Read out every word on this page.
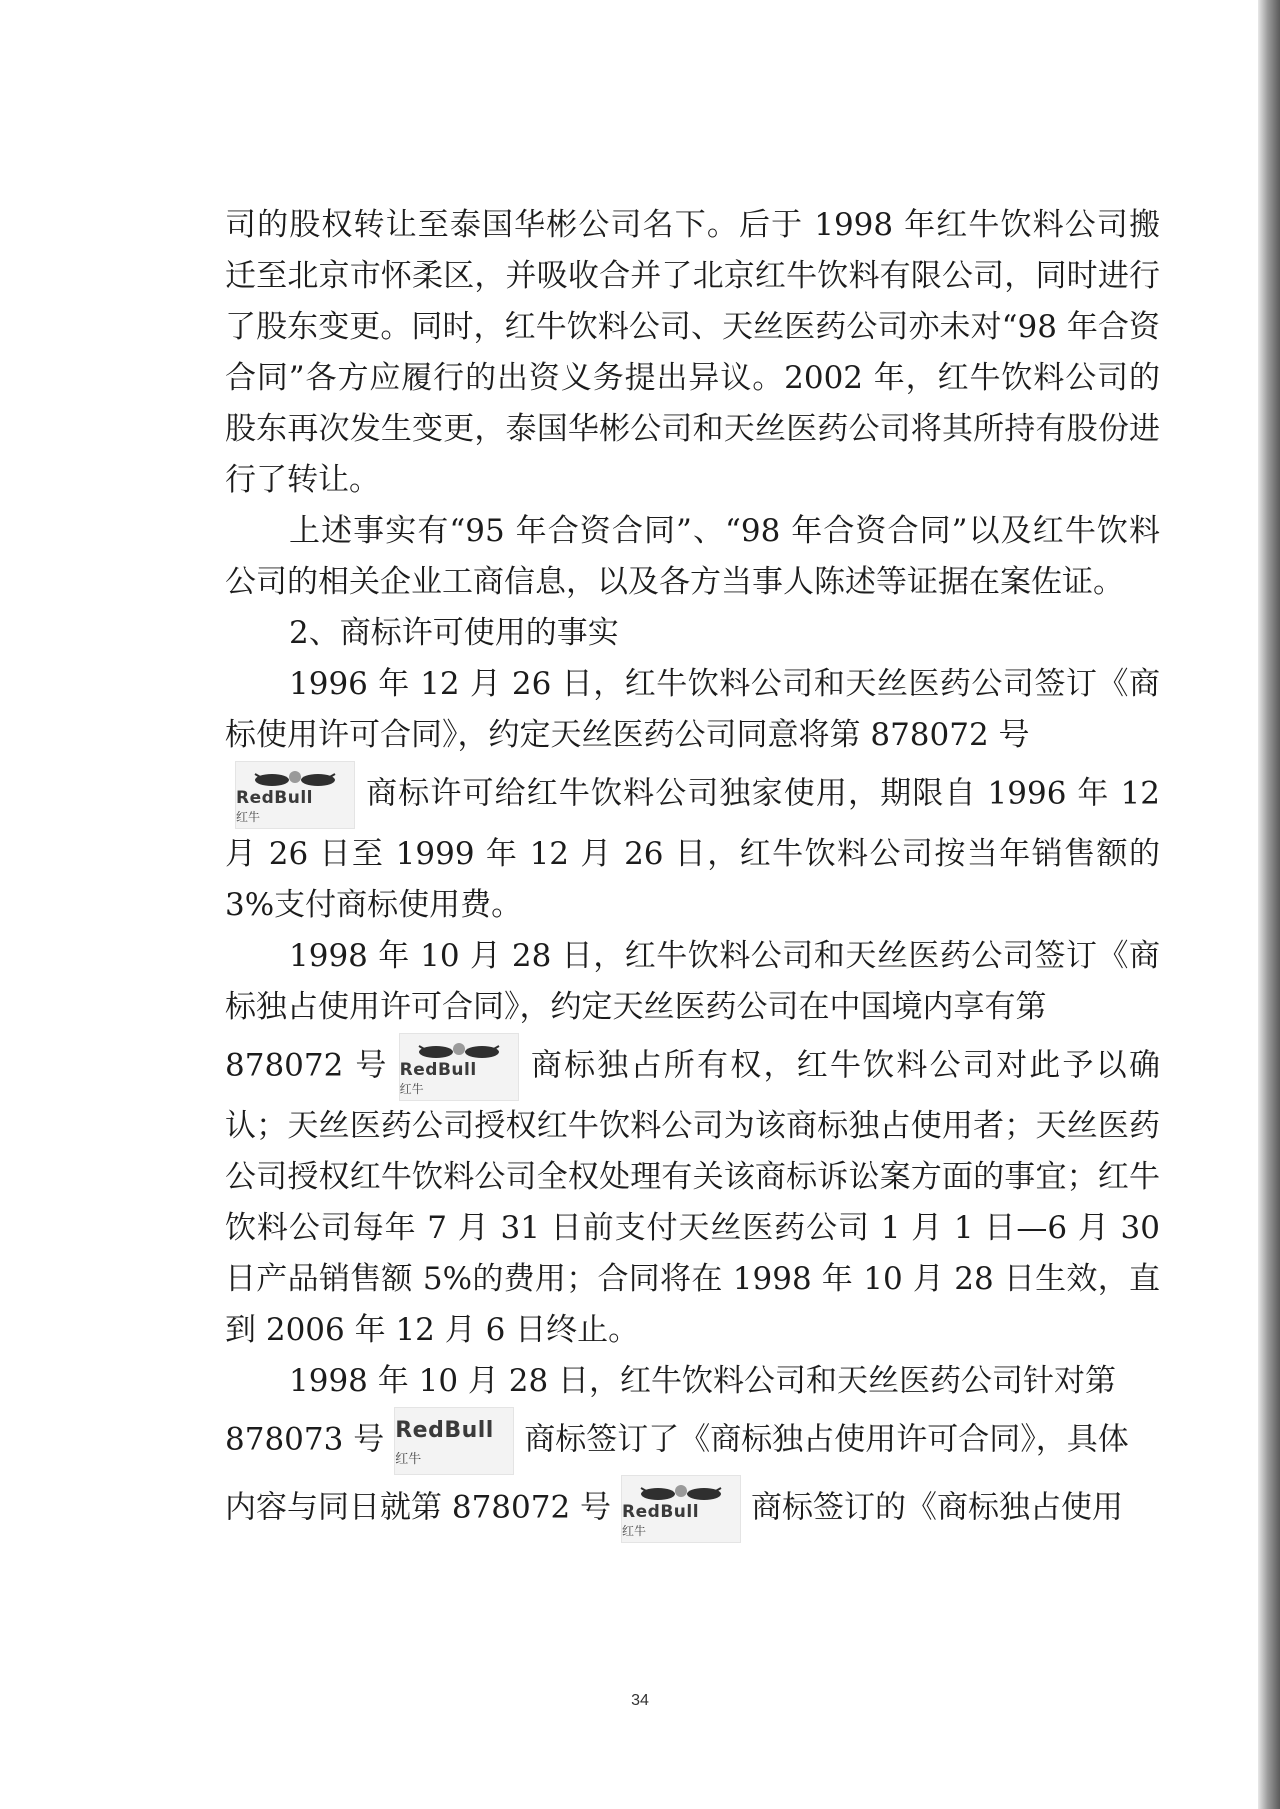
司的股权转让至泰国华彬公司名下。后于 1998 年红牛饮料公司搬迁至北京市怀柔区，并吸收合并了北京红牛饮料有限公司，同时进行了股东变更。同时，红牛饮料公司、天丝医药公司亦未对“98 年合资合同”各方应履行的出资义务提出异议。2002 年，红牛饮料公司的股东再次发生变更，泰国华彬公司和天丝医药公司将其所持有股份进行了转让。

上述事实有“95 年合资合同”、“98 年合资合同”以及红牛饮料公司的相关企业工商信息，以及各方当事人陈述等证据在案佐证。

2、商标许可使用的事实

1996 年 12 月 26 日，红牛饮料公司和天丝医药公司签订《商标使用许可合同》，约定天丝医药公司同意将第 878072 号

RedBull
红牛
商标许可给红牛饮料公司独家使用，期限自 1996 年 12 月 26 日至 1999 年 12 月 26 日，红牛饮料公司按当年销售额的 3%支付商标使用费。

1998 年 10 月 28 日，红牛饮料公司和天丝医药公司签订《商标独占使用许可合同》，约定天丝医药公司在中国境内享有第
878072 号 RedBull
红牛
商标独占所有权，红牛饮料公司对此予以确认；天丝医药公司授权红牛饮料公司为该商标独占使用者；天丝医药公司授权红牛饮料公司全权处理有关该商标诉讼案方面的事宜；红牛饮料公司每年 7 月 31 日前支付天丝医药公司 1 月 1 日—6 月 30 日产品销售额 5%的费用；合同将在 1998 年 10 月 28 日生效，直到 2006 年 12 月 6 日终止。

1998 年 10 月 28 日，红牛饮料公司和天丝医药公司针对第
878073 号 RedBull
红牛
商标签订了《商标独占使用许可合同》，具体
内容与同日就第 878072 号 RedBull
红牛
商标签订的《商标独占使用

34
